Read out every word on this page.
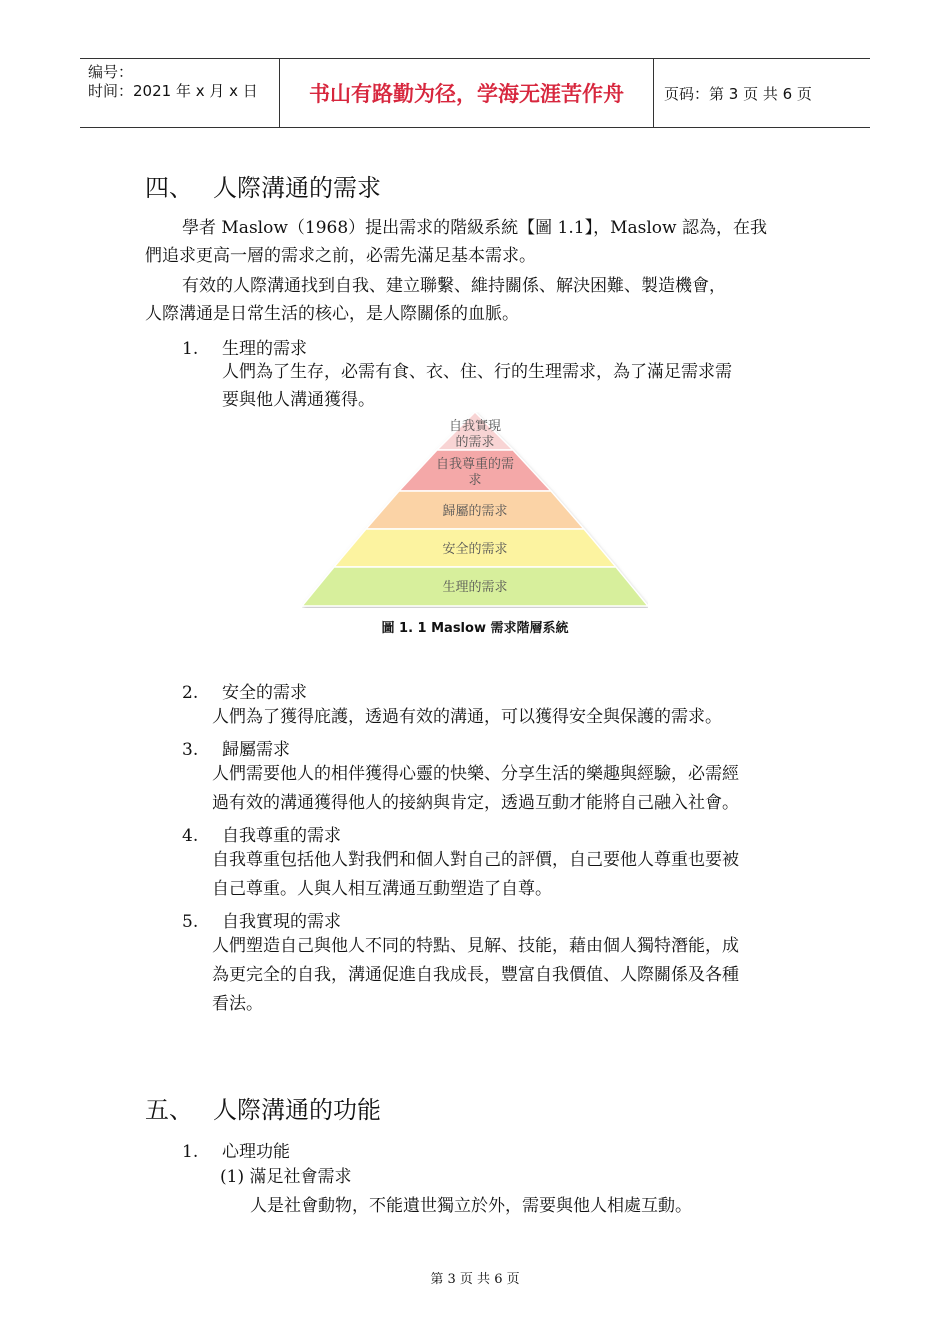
编号：
时间：2021 年 x 月 x 日	书山有路勤为径，学海无涯苦作舟	页码：第 3 页 共 6 页
四、 人際溝通的需求
學者 Maslow（1968）提出需求的階級系統【圖 1.1】，Maslow 認為，在我
們追求更高一層的需求之前，必需先滿足基本需求。
有效的人際溝通找到自我、建立聯繫、維持關係、解決困難、製造機會，
人際溝通是日常生活的核心，是人際關係的血脈。
1. 生理的需求
人們為了生存，必需有食、衣、住、行的生理需求，為了滿足需求需
要與他人溝通獲得。
自我實現
的需求
自我尊重的需
求
歸屬的需求
安全的需求
生理的需求
圖 1. 1 Maslow 需求階層系統
2. 安全的需求
人們為了獲得庇護，透過有效的溝通，可以獲得安全與保護的需求。
3. 歸屬需求
人們需要他人的相伴獲得心靈的快樂、分享生活的樂趣與經驗，必需經
過有效的溝通獲得他人的接納與肯定，透過互動才能將自己融入社會。
4. 自我尊重的需求
自我尊重包括他人對我們和個人對自己的評價，自己要他人尊重也要被
自己尊重。人與人相互溝通互動塑造了自尊。
5. 自我實現的需求
人們塑造自己與他人不同的特點、見解、技能，藉由個人獨特潛能，成
為更完全的自我，溝通促進自我成長，豐富自我價值、人際關係及各種
看法。
五、 人際溝通的功能
1. 心理功能
(1) 滿足社會需求
人是社會動物，不能遺世獨立於外，需要與他人相處互動。
第 3 页 共 6 页
